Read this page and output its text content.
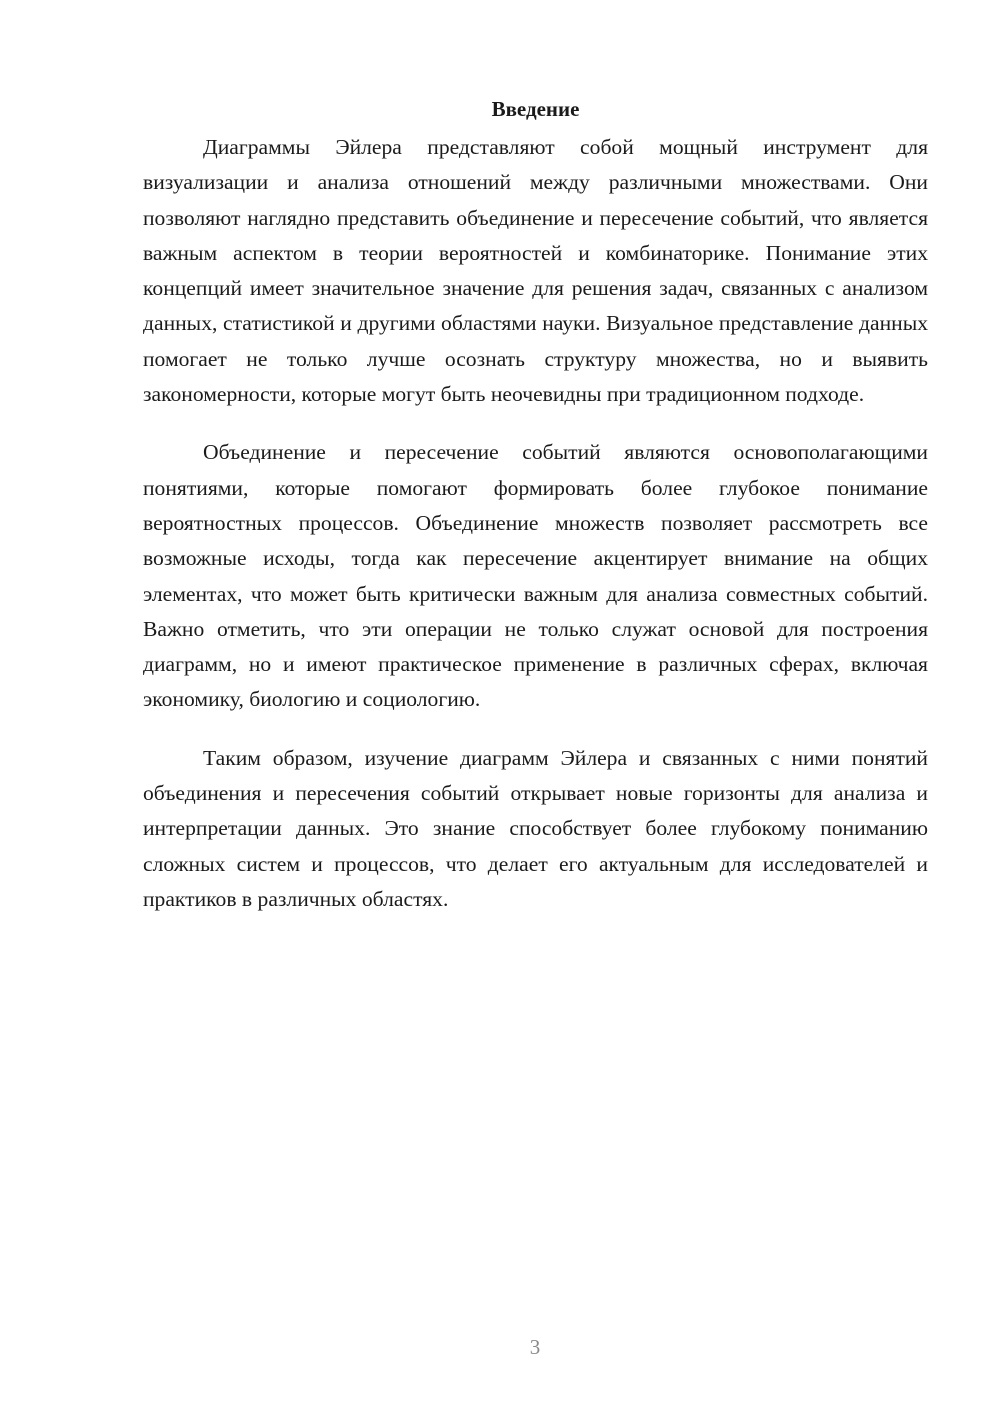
Введение

Диаграммы Эйлера представляют собой мощный инструмент для визуализации и анализа отношений между различными множествами. Они позволяют наглядно представить объединение и пересечение событий, что является важным аспектом в теории вероятностей и комбинаторике. Понимание этих концепций имеет значительное значение для решения задач, связанных с анализом данных, статистикой и другими областями науки. Визуальное представление данных помогает не только лучше осознать структуру множества, но и выявить закономерности, которые могут быть неочевидны при традиционном подходе.

Объединение и пересечение событий являются основополагающими понятиями, которые помогают формировать более глубокое понимание вероятностных процессов. Объединение множеств позволяет рассмотреть все возможные исходы, тогда как пересечение акцентирует внимание на общих элементах, что может быть критически важным для анализа совместных событий. Важно отметить, что эти операции не только служат основой для построения диаграмм, но и имеют практическое применение в различных сферах, включая экономику, биологию и социологию.

Таким образом, изучение диаграмм Эйлера и связанных с ними понятий объединения и пересечения событий открывает новые горизонты для анализа и интерпретации данных. Это знание способствует более глубокому пониманию сложных систем и процессов, что делает его актуальным для исследователей и практиков в различных областях.

3
